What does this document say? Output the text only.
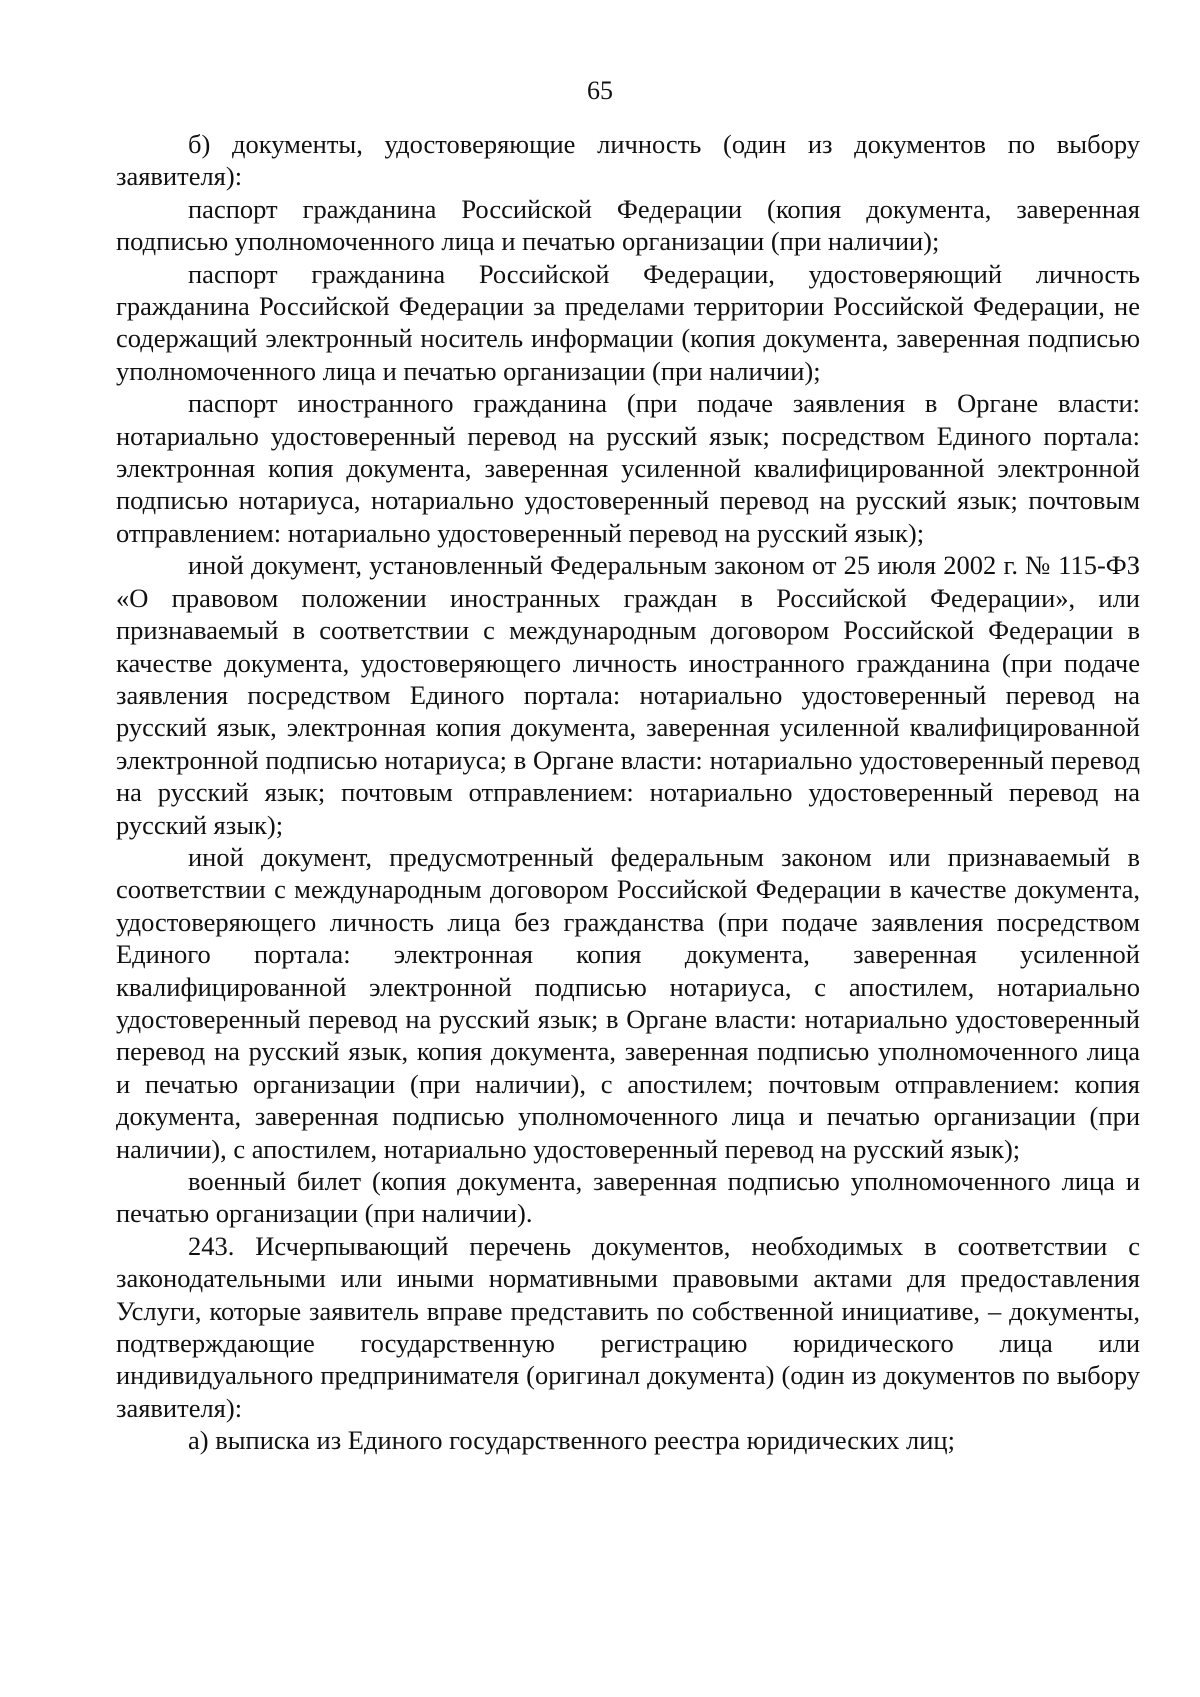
65

б) документы, удостоверяющие личность (один из документов по выбору заявителя):

паспорт гражданина Российской Федерации (копия документа, заверенная подписью уполномоченного лица и печатью организации (при наличии);

паспорт гражданина Российской Федерации, удостоверяющий личность гражданина Российской Федерации за пределами территории Российской Федерации, не содержащий электронный носитель информации (копия документа, заверенная подписью уполномоченного лица и печатью организации (при наличии);

паспорт иностранного гражданина (при подаче заявления в Органе власти: нотариально удостоверенный перевод на русский язык; посредством Единого портала: электронная копия документа, заверенная усиленной квалифицированной электронной подписью нотариуса, нотариально удостоверенный перевод на русский язык; почтовым отправлением: нотариально удостоверенный перевод на русский язык);

иной документ, установленный Федеральным законом от 25 июля 2002 г. № 115-ФЗ «О правовом положении иностранных граждан в Российской Федерации», или признаваемый в соответствии с международным договором Российской Федерации в качестве документа, удостоверяющего личность иностранного гражданина (при подаче заявления посредством Единого портала: нотариально удостоверенный перевод на русский язык, электронная копия документа, заверенная усиленной квалифицированной электронной подписью нотариуса; в Органе власти: нотариально удостоверенный перевод на русский язык; почтовым отправлением: нотариально удостоверенный перевод на русский язык);

иной документ, предусмотренный федеральным законом или признаваемый в соответствии с международным договором Российской Федерации в качестве документа, удостоверяющего личность лица без гражданства (при подаче заявления посредством Единого портала: электронная копия документа, заверенная усиленной квалифицированной электронной подписью нотариуса, с апостилем, нотариально удостоверенный перевод на русский язык; в Органе власти: нотариально удостоверенный перевод на русский язык, копия документа, заверенная подписью уполномоченного лица и печатью организации (при наличии), с апостилем; почтовым отправлением: копия документа, заверенная подписью уполномоченного лица и печатью организации (при наличии), с апостилем, нотариально удостоверенный перевод на русский язык);

военный билет (копия документа, заверенная подписью уполномоченного лица и печатью организации (при наличии).

243. Исчерпывающий перечень документов, необходимых в соответствии с законодательными или иными нормативными правовыми актами для предоставления Услуги, которые заявитель вправе представить по собственной инициативе, – документы, подтверждающие государственную регистрацию юридического лица или индивидуального предпринимателя (оригинал документа) (один из документов по выбору заявителя):

а) выписка из Единого государственного реестра юридических лиц;
